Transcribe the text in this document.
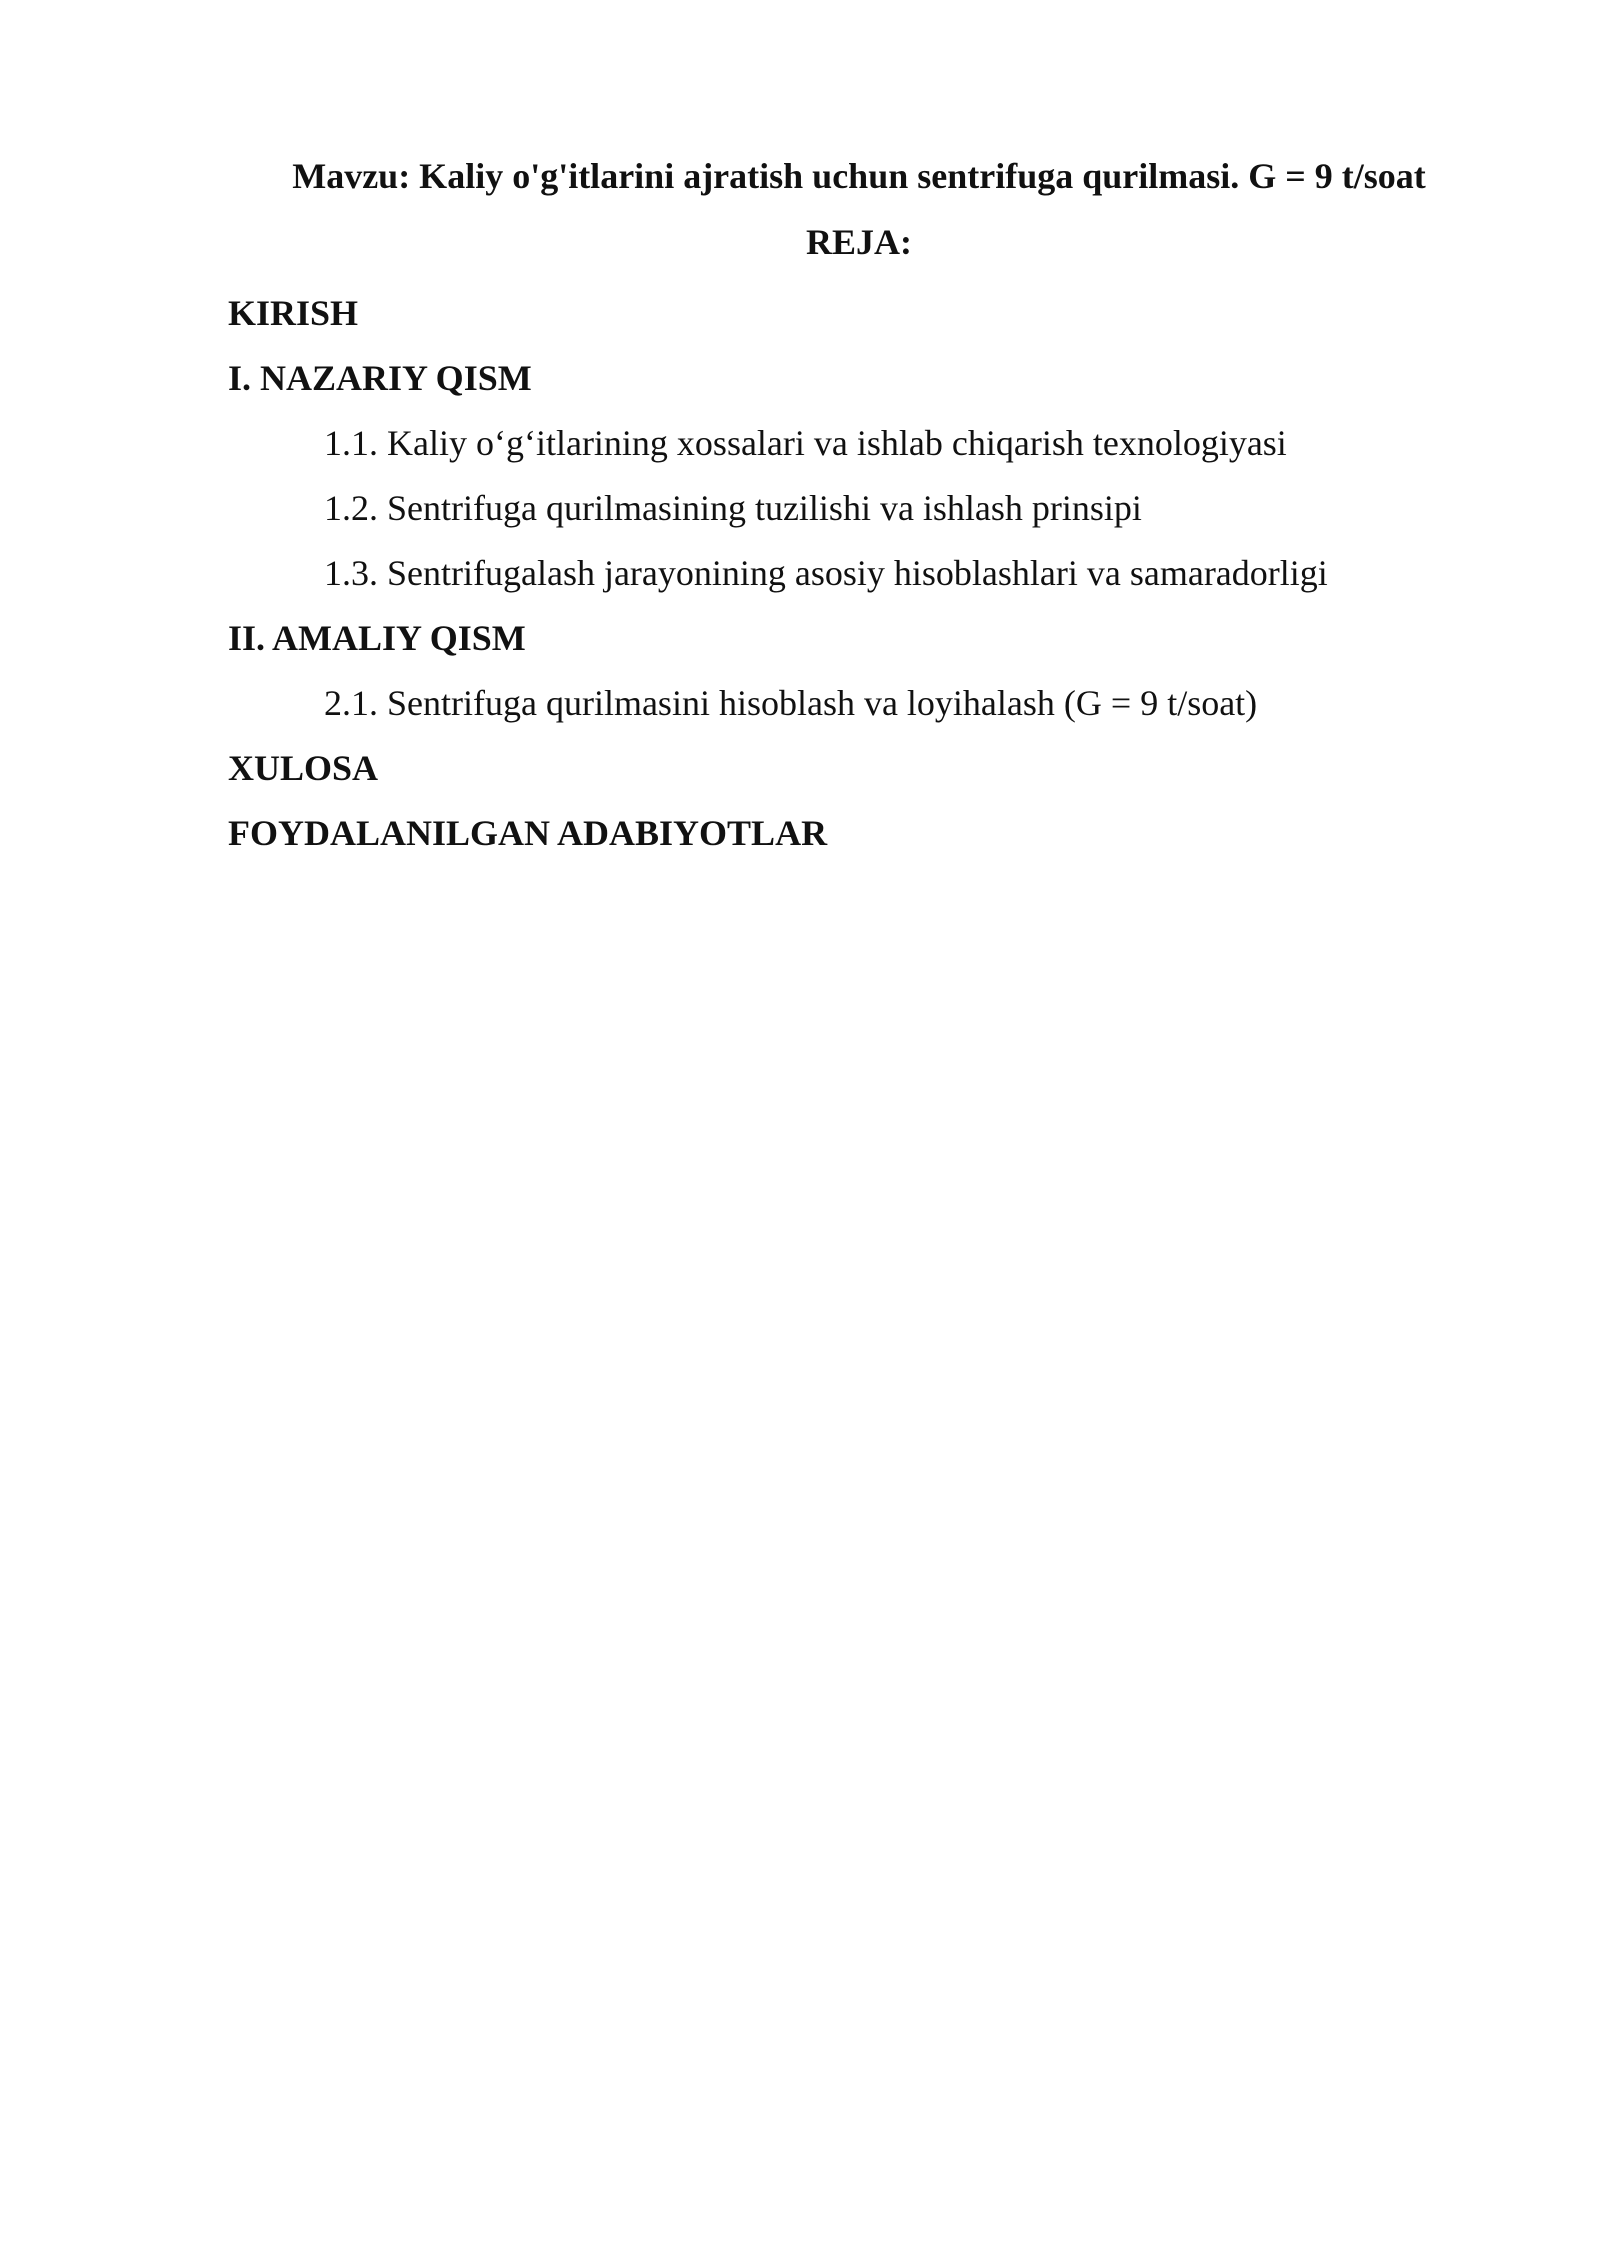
Mavzu: Kaliy o'g'itlarini ajratish uchun sentrifuga qurilmasi. G = 9 t/soat
REJA:
KIRISH
I. NAZARIY QISM
1.1. Kaliy o‘g‘itlarining xossalari va ishlab chiqarish texnologiyasi
1.2. Sentrifuga qurilmasining tuzilishi va ishlash prinsipi
1.3. Sentrifugalash jarayonining asosiy hisoblashlari va samaradorligi
II. AMALIY QISM
2.1. Sentrifuga qurilmasini hisoblash va loyihalash (G = 9 t/soat)
XULOSA
FOYDALANILGAN ADABIYOTLAR
